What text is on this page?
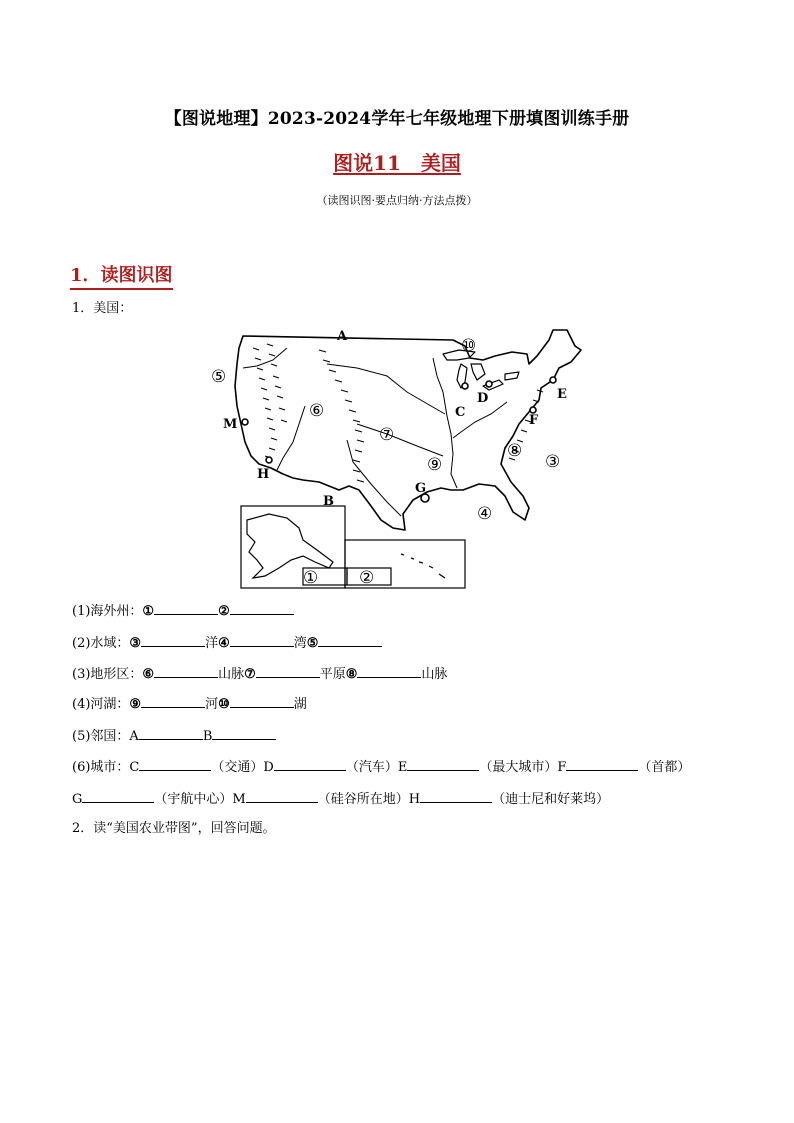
【图说地理】2023-2024学年七年级地理下册填图训练手册
图说11　美国
（读图识图·要点归纳·方法点拨）
1．读图识图
1．美国：
A
B
C
D	E
F
G
H
M
① ②
③
④
⑤
⑥
⑦
⑧
⑨
⑩
(1)海外州：①	②
(2)水域：③	洋④	湾⑤
(3)地形区：⑥	山脉⑦	平原⑧	山脉
(4)河湖：⑨	河⑩	湖
(5)邻国：A	B
(6)城市：C	（交通）D	（汽车）E	（最大城市）F	（首都）
G	（宇航中心）M	（硅谷所在地）H	（迪士尼和好莱坞）
2．读“美国农业带图”，回答问题。
